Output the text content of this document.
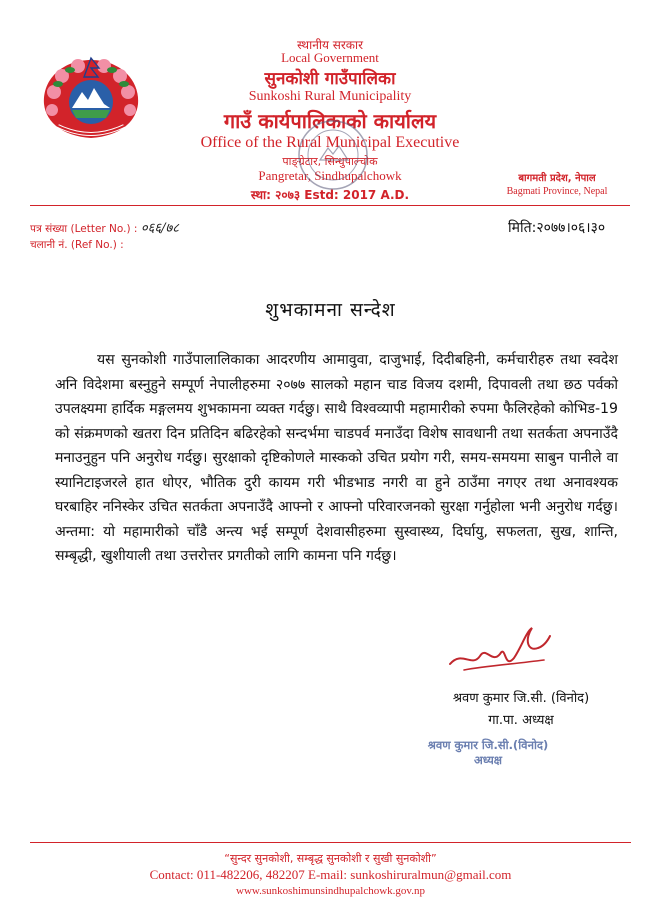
स्थानीय सरकार
Local Government
सुनकोशी गाउँपालिका
Sunkoshi Rural Municipality
गाउँ कार्यपालिकाको कार्यालय
Office of the Rural Municipal Executive
पाङ्ग्रेटार, सिन्धुपाल्चोक
Pangretar, Sindhupalchowk
स्था: २०७३ Estd: 2017 A.D.
बागमती प्रदेश, नेपाल
Bagmati Province, Nepal
पत्र संख्या (Letter No.) : ०६६/७८
चलानी नं. (Ref No.) :
मिति:२०७७।०६।३०
शुभकामना सन्देश

यस सुनकोशी गाउँपालालिकाका आदरणीय आमावुवा, दाजुभाई, दिदीबहिनी, कर्मचारीहरु तथा स्वदेश अनि विदेशमा बस्नुहुने सम्पूर्ण नेपालीहरुमा २०७७ सालको महान चाड विजय दशमी, दिपावली तथा छठ पर्वको उपलक्ष्यमा हार्दिक मङ्गलमय शुभकामना व्यक्त गर्दछु। साथै विश्वव्यापी महामारीको रुपमा फैलिरहेको कोभिड-19 को संक्रमणको खतरा दिन प्रतिदिन बढिरहेको सन्दर्भमा चाडपर्व मनाउँदा विशेष सावधानी तथा सतर्कता अपनाउँदै मनाउनुहुन पनि अनुरोध गर्दछु। सुरक्षाको दृष्टिकोणले मास्कको उचित प्रयोग गरी, समय-समयमा साबुन पानीले वा स्यानिटाइजरले हात धोएर, भौतिक दुरी कायम गरी भीडभाड नगरी वा हुने ठाउँमा नगएर तथा अनावश्यक घरबाहिर ननिस्केर उचित सतर्कता अपनाउँदै आफ्नो र आफ्नो परिवारजनको सुरक्षा गर्नुहोला भनी अनुरोध गर्दछु। अन्तमा: यो महामारीको चाँडै अन्त्य भई सम्पूर्ण देशवासीहरुमा सुस्वास्थ्य, दिर्घायु, सफलता, सुख, शान्ति, सम्बृद्धी, खुशीयाली तथा उत्तरोत्तर प्रगतीको लागि कामना पनि गर्दछु।

श्रवण कुमार जि.सी. (विनोद)
गा.पा. अध्यक्ष
श्रवण कुमार जि.सी.(विनोद)
अध्यक्ष
“सुन्दर सुनकोशी, सम्बृद्ध सुनकोशी र सुखी सुनकोशी”
Contact: 011-482206, 482207 E-mail: sunkoshiruralmun@gmail.com
www.sunkoshimunsindhupalchowk.gov.np
